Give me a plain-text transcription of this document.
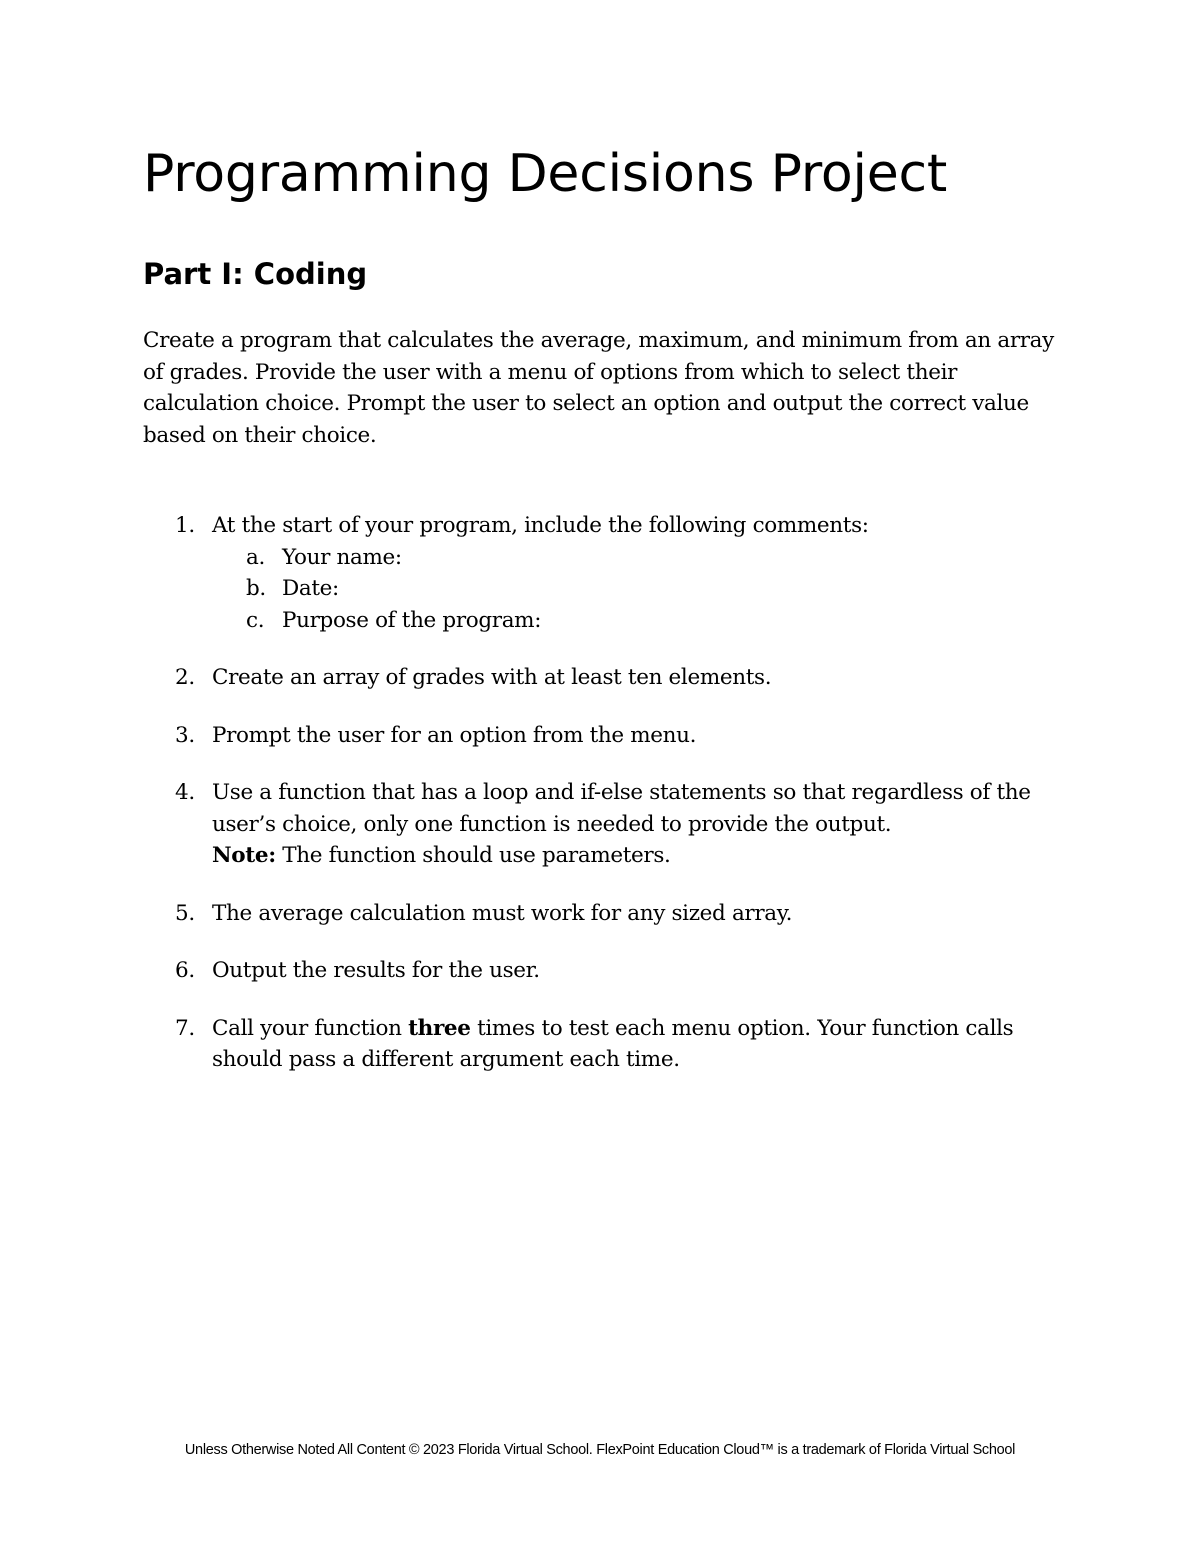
Programming Decisions Project
Part I: Coding

Create a program that calculates the average, maximum, and minimum from an array of grades. Provide the user with a menu of options from which to select their calculation choice. Prompt the user to select an option and output the correct value based on their choice.

1. At the start of your program, include the following comments:
a. Your name:
b. Date:
c. Purpose of the program:
2. Create an array of grades with at least ten elements.
3. Prompt the user for an option from the menu.
4. Use a function that has a loop and if-else statements so that regardless of the user’s choice, only one function is needed to provide the output.
Note: The function should use parameters.
5. The average calculation must work for any sized array.
6. Output the results for the user.
7. Call your function three times to test each menu option. Your function calls should pass a different argument each time.

Unless Otherwise Noted All Content © 2023 Florida Virtual School. FlexPoint Education Cloud™ is a trademark of Florida Virtual School
